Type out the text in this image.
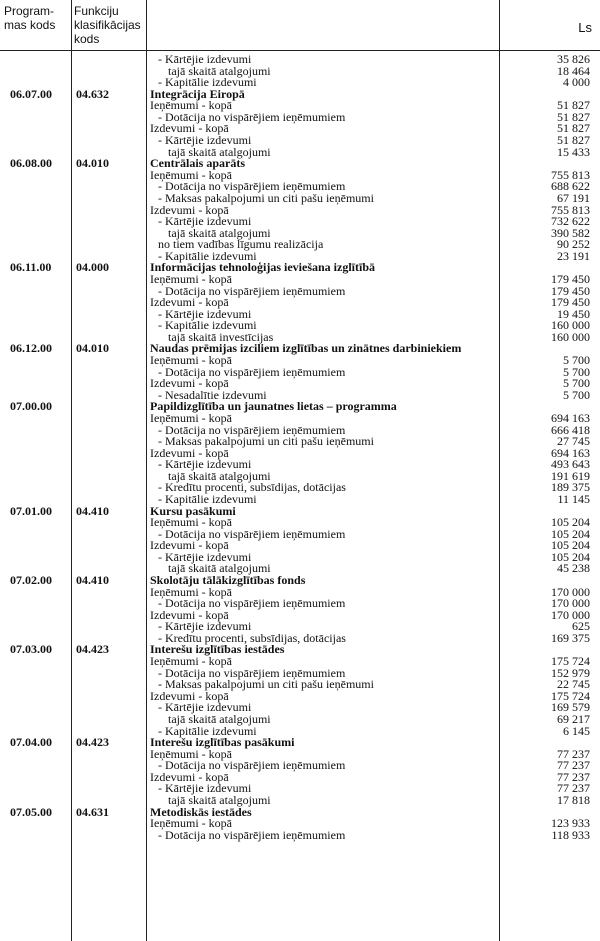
Program-
mas kods
Funkciju
klasifikācijas
kods
Ls
- Kārtējie izdevumi	35 826
tajā skaitā atalgojumi	18 464
- Kapitālie izdevumi	4 000
06.07.00 04.632	Integrācija Eiropā
Ieņēmumi - kopā	51 827
- Dotācija no vispārējiem ieņēmumiem	51 827
Izdevumi - kopā	51 827
- Kārtējie izdevumi	51 827
tajā skaitā atalgojumi	15 433
06.08.00 04.010	Centrālais aparāts
Ieņēmumi - kopā	755 813
- Dotācija no vispārējiem ieņēmumiem	688 622
- Maksas pakalpojumi un citi pašu ieņēmumi	67 191
Izdevumi - kopā	755 813
- Kārtējie izdevumi	732 622
tajā skaitā atalgojumi	390 582
no tiem vadības līgumu realizācija	90 252
- Kapitālie izdevumi	23 191
06.11.00 04.000	Informācijas tehnoloģijas ieviešana izglītībā
Ieņēmumi - kopā	179 450
- Dotācija no vispārējiem ieņēmumiem	179 450
Izdevumi - kopā	179 450
- Kārtējie izdevumi	19 450
- Kapitālie izdevumi	160 000
tajā skaitā investīcijas	160 000
06.12.00 04.010	Naudas prēmijas izciliem izglītības un zinātnes darbiniekiem
Ieņēmumi - kopā	5 700
- Dotācija no vispārējiem ieņēmumiem	5 700
Izdevumi - kopā	5 700
- Nesadalītie izdevumi	5 700
07.00.00	Papildizglītība un jaunatnes lietas – programma
Ieņēmumi - kopā	694 163
- Dotācija no vispārējiem ieņēmumiem	666 418
- Maksas pakalpojumi un citi pašu ieņēmumi	27 745
Izdevumi - kopā	694 163
- Kārtējie izdevumi	493 643
tajā skaitā atalgojumi	191 619
- Kredītu procenti, subsīdijas, dotācijas	189 375
- Kapitālie izdevumi	11 145
07.01.00 04.410	Kursu pasākumi
Ieņēmumi - kopā	105 204
- Dotācija no vispārējiem ieņēmumiem	105 204
Izdevumi - kopā	105 204
- Kārtējie izdevumi	105 204
tajā skaitā atalgojumi	45 238
07.02.00 04.410	Skolotāju tālākizglītības fonds
Ieņēmumi - kopā	170 000
- Dotācija no vispārējiem ieņēmumiem	170 000
Izdevumi - kopā	170 000
- Kārtējie izdevumi	625
- Kredītu procenti, subsīdijas, dotācijas	169 375
07.03.00 04.423	Interešu izglītības iestādes
Ieņēmumi - kopā	175 724
- Dotācija no vispārējiem ieņēmumiem	152 979
- Maksas pakalpojumi un citi pašu ieņēmumi	22 745
Izdevumi - kopā	175 724
- Kārtējie izdevumi	169 579
tajā skaitā atalgojumi	69 217
- Kapitālie izdevumi	6 145
07.04.00 04.423	Interešu izglītības pasākumi
Ieņēmumi - kopā	77 237
- Dotācija no vispārējiem ieņēmumiem	77 237
Izdevumi - kopā	77 237
- Kārtējie izdevumi	77 237
tajā skaitā atalgojumi	17 818
07.05.00 04.631	Metodiskās iestādes
Ieņēmumi - kopā	123 933
- Dotācija no vispārējiem ieņēmumiem	118 933
